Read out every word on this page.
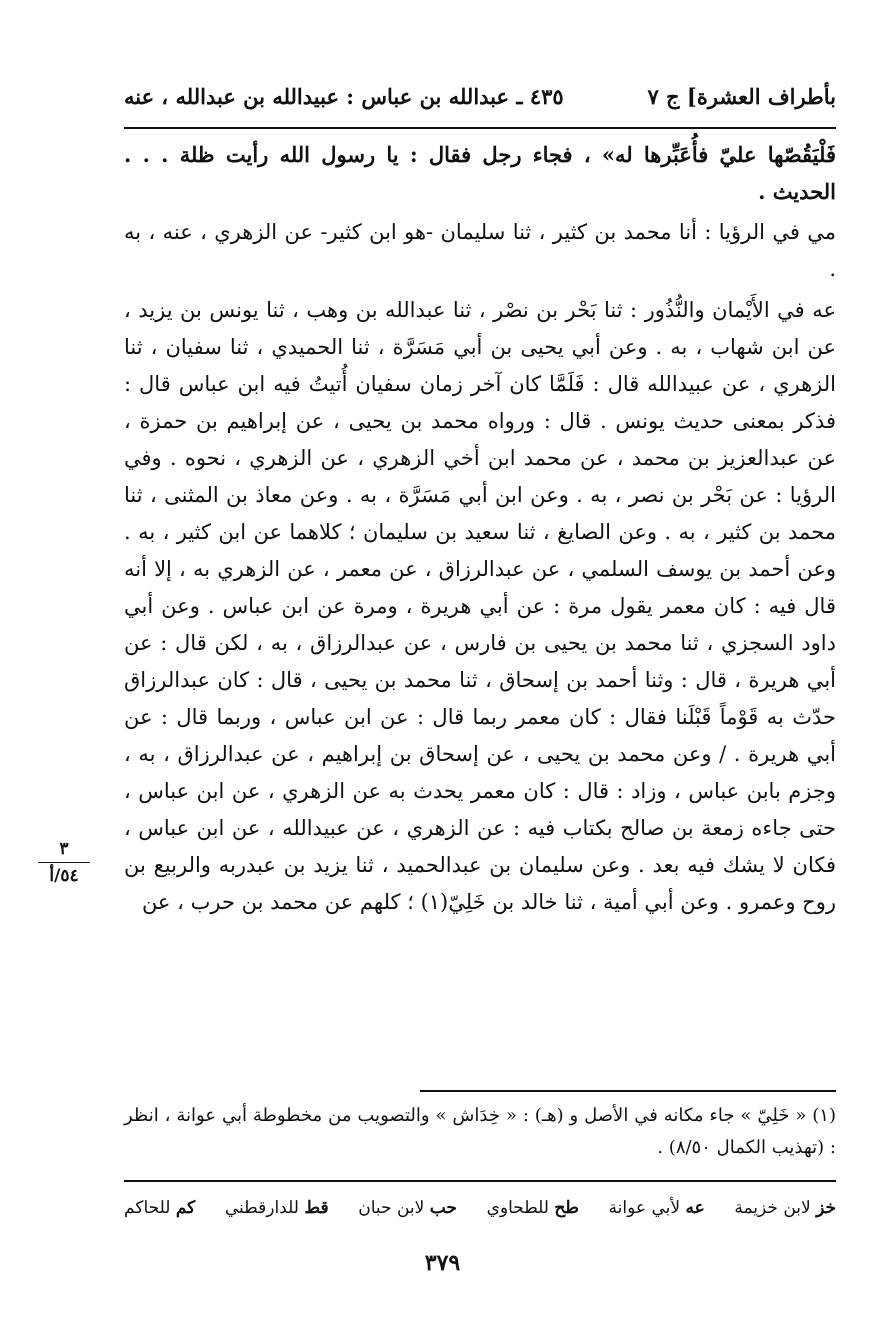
بأطراف العشرة] ج ٧
٤٣٥ ـ عبدالله بن عباس : عبيدالله بن عبدالله ، عنه

فَلْيَقُصّها عليّ فأُعَبِّرها له» ، فجاء رجل فقال : يا رسول الله رأيت ظلة . . . الحديث .

مي في الرؤيا : أنا محمد بن كثير ، ثنا سليمان -هو ابن كثير- عن الزهري ، عنه ، به .

عه في الأَيْمان والنُّذُور : ثنا بَحْر بن نصْر ، ثنا عبدالله بن وهب ، ثنا يونس بن يزيد ، عن ابن شهاب ، به . وعن أبي يحيى بن أبي مَسَرَّة ، ثنا الحميدي ، ثنا سفيان ، ثنا الزهري ، عن عبيدالله قال : فَلَمَّا كان آخر زمان سفيان أُتيتُ فيه ابن عباس قال : فذكر بمعنى حديث يونس . قال : ورواه محمد بن يحيى ، عن إبراهيم بن حمزة ، عن عبدالعزيز بن محمد ، عن محمد ابن أخي الزهري ، عن الزهري ، نحوه . وفي الرؤيا : عن بَحْر بن نصر ، به . وعن ابن أبي مَسَرَّة ، به . وعن معاذ بن المثنى ، ثنا محمد بن كثير ، به . وعن الصايغ ، ثنا سعيد بن سليمان ؛ كلاهما عن ابن كثير ، به . وعن أحمد بن يوسف السلمي ، عن عبدالرزاق ، عن معمر ، عن الزهري به ، إلا أنه قال فيه : كان معمر يقول مرة : عن أبي هريرة ، ومرة عن ابن عباس . وعن أبي داود السجزي ، ثنا محمد بن يحيى بن فارس ، عن عبدالرزاق ، به ، لكن قال : عن أبي هريرة ، قال : وثنا أحمد بن إسحاق ، ثنا محمد بن يحيى ، قال : كان عبدالرزاق حدّث به قَوْماً قَبْلَنا فقال : كان معمر ربما قال : عن ابن عباس ، وربما قال : عن أبي هريرة . / وعن محمد بن يحيى ، عن إسحاق بن إبراهيم ، عن عبدالرزاق ، به ، وجزم بابن عباس ، وزاد : قال : كان معمر يحدث به عن الزهري ، عن ابن عباس ، حتى جاءه زمعة بن صالح بكتاب فيه : عن الزهري ، عن عبيدالله ، عن ابن عباس ، فكان لا يشك فيه بعد . وعن سليمان بن عبدالحميد ، ثنا يزيد بن عبدربه والربيع بن روح وعمرو . وعن أبي أمية ، ثنا خالد بن خَلِيّ(١) ؛ كلهم عن محمد بن حرب ، عن

٣
٥٤/أ
(١) « خَلِيّ » جاء مكانه في الأصل و (هـ) : « خِدَاش » والتصويب من مخطوطة أبي عوانة ، انظر : (تهذيب الكمال ٨/٥٠) .
خز لابن خزيمة
عه لأبي عوانة
طح للطحاوي
حب لابن حبان
قط للدارقطني
كم للحاكم
٣٧٩
